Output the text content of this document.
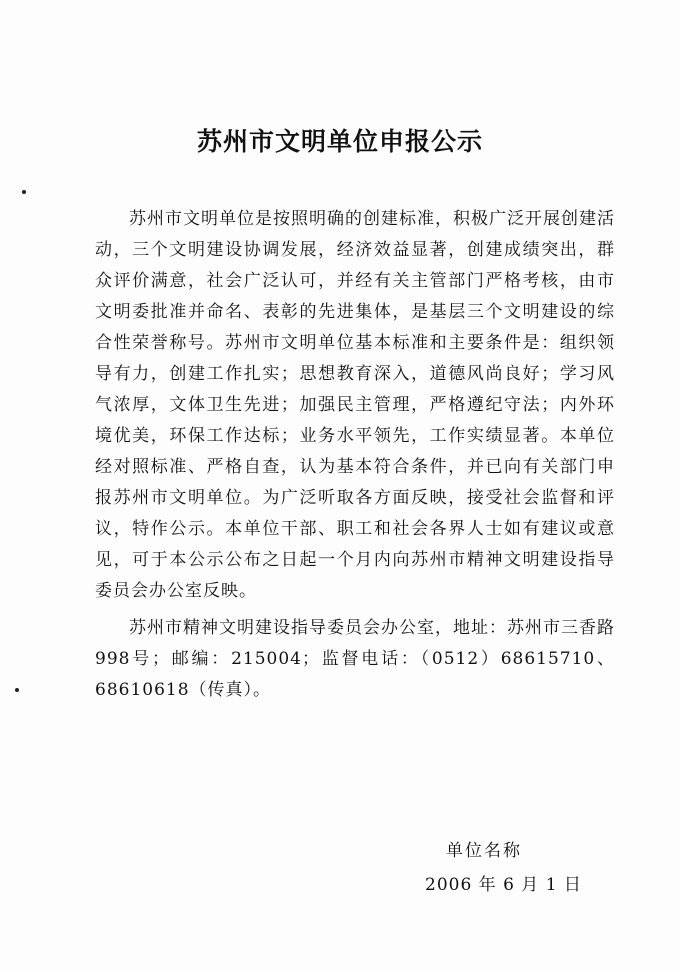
苏州市文明单位申报公示

苏州市文明单位是按照明确的创建标准，积极广泛开展创建活动，三个文明建设协调发展，经济效益显著，创建成绩突出，群众评价满意，社会广泛认可，并经有关主管部门严格考核，由市文明委批准并命名、表彰的先进集体，是基层三个文明建设的综合性荣誉称号。苏州市文明单位基本标准和主要条件是：组织领导有力，创建工作扎实；思想教育深入，道德风尚良好；学习风气浓厚，文体卫生先进；加强民主管理，严格遵纪守法；内外环境优美，环保工作达标；业务水平领先，工作实绩显著。本单位经对照标准、严格自查，认为基本符合条件，并已向有关部门申报苏州市文明单位。为广泛听取各方面反映，接受社会监督和评议，特作公示。本单位干部、职工和社会各界人士如有建议或意见，可于本公示公布之日起一个月内向苏州市精神文明建设指导委员会办公室反映。

苏州市精神文明建设指导委员会办公室，地址：苏州市三香路998号；邮编：215004；监督电话：（0512）68615710、68610618（传真）。

单位名称
2006 年 6 月 1 日
